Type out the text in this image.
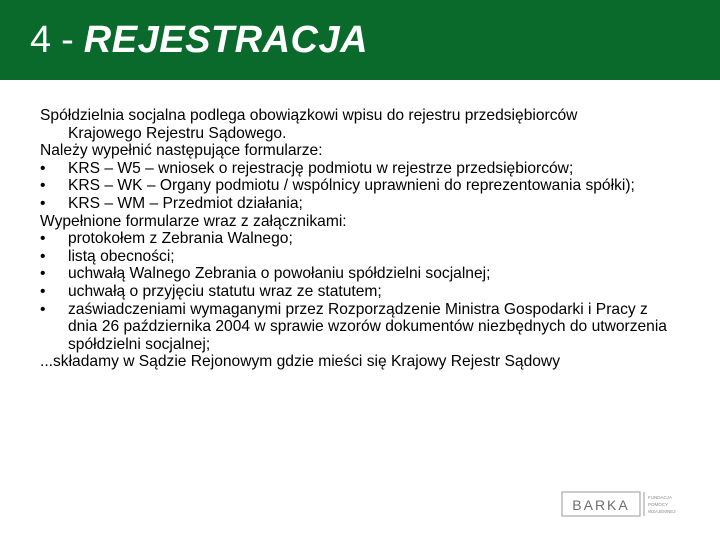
4 - REJESTRACJA	eS

Spółdzielnia socjalna podlega obowiązkowi wpisu do rejestru przedsiębiorców

Krajowego Rejestru Sądowego.

Należy wypełnić następujące formularze:

•	KRS – W5 – wniosek o rejestrację podmiotu w rejestrze przedsiębiorców;
•	KRS – WK – Organy podmiotu / wspólnicy uprawnieni do reprezentowania spółki);
•	KRS – WM – Przedmiot działania;

Wypełnione formularze wraz z załącznikami:

•	protokołem z Zebrania Walnego;
•	listą obecności;
•	uchwałą Walnego Zebrania o powołaniu spółdzielni socjalnej;
•	uchwałą o przyjęciu statutu wraz ze statutem;
•	zaświadczeniami wymaganymi przez Rozporządzenie Ministra Gospodarki i Pracy z dnia 26 października 2004 w sprawie wzorów dokumentów niezbędnych do utworzenia spółdzielni socjalnej;

...składamy w Sądzie Rejonowym gdzie mieści się Krajowy Rejestr Sądowy

BARKA	FUNDACJA
POMOCY
WZAJEMNEJ
